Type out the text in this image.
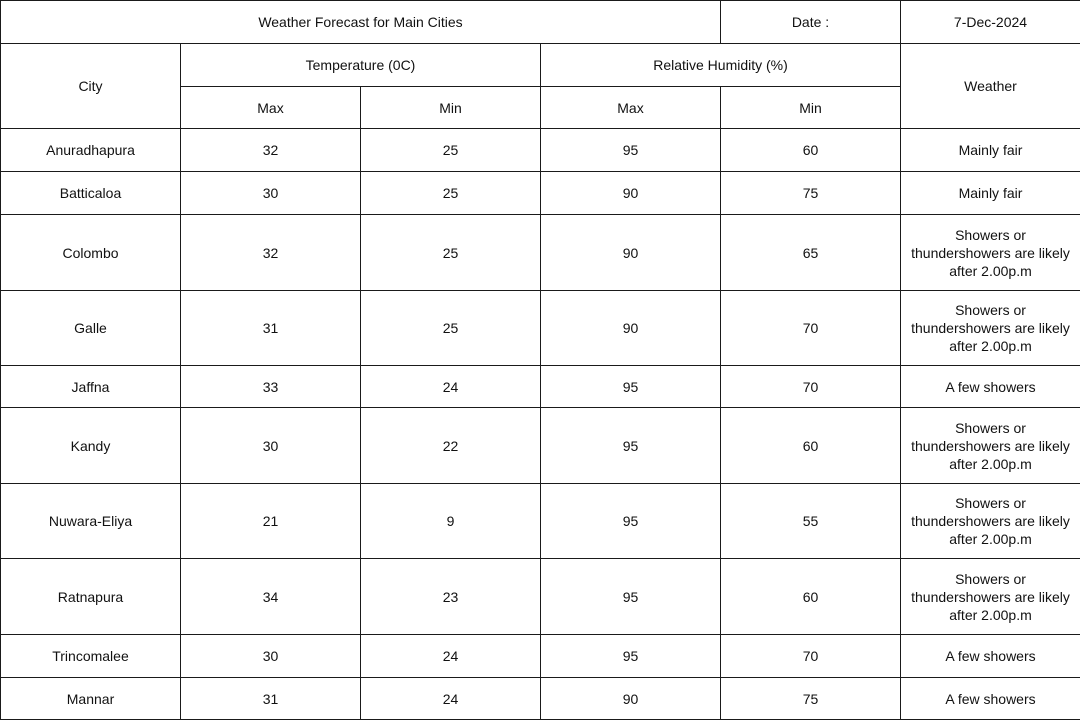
Weather Forecast for Main Cities				Date :	7-Dec-2024
City	Temperature (0C)		Relative Humidity (%)		Weather
	Max	Min	Max	Min	
Anuradhapura	32	25	95	60	Mainly fair

Batticaloa	30	25	90	75	Mainly fair

Colombo	32	25	90	65	Showers or thundershowers are likely after 2.00p.m

Galle	31	25	90	70	Showers or thundershowers are likely after 2.00p.m

Jaffna	33	24	95	70	A few showers

Kandy	30	22	95	60	Showers or thundershowers are likely after 2.00p.m

Nuwara-Eliya	21	9	95	55	Showers or thundershowers are likely after 2.00p.m

Ratnapura	34	23	95	60	Showers or thundershowers are likely after 2.00p.m

Trincomalee	30	24	95	70	A few showers

Mannar	31	24	90	75	A few showers
